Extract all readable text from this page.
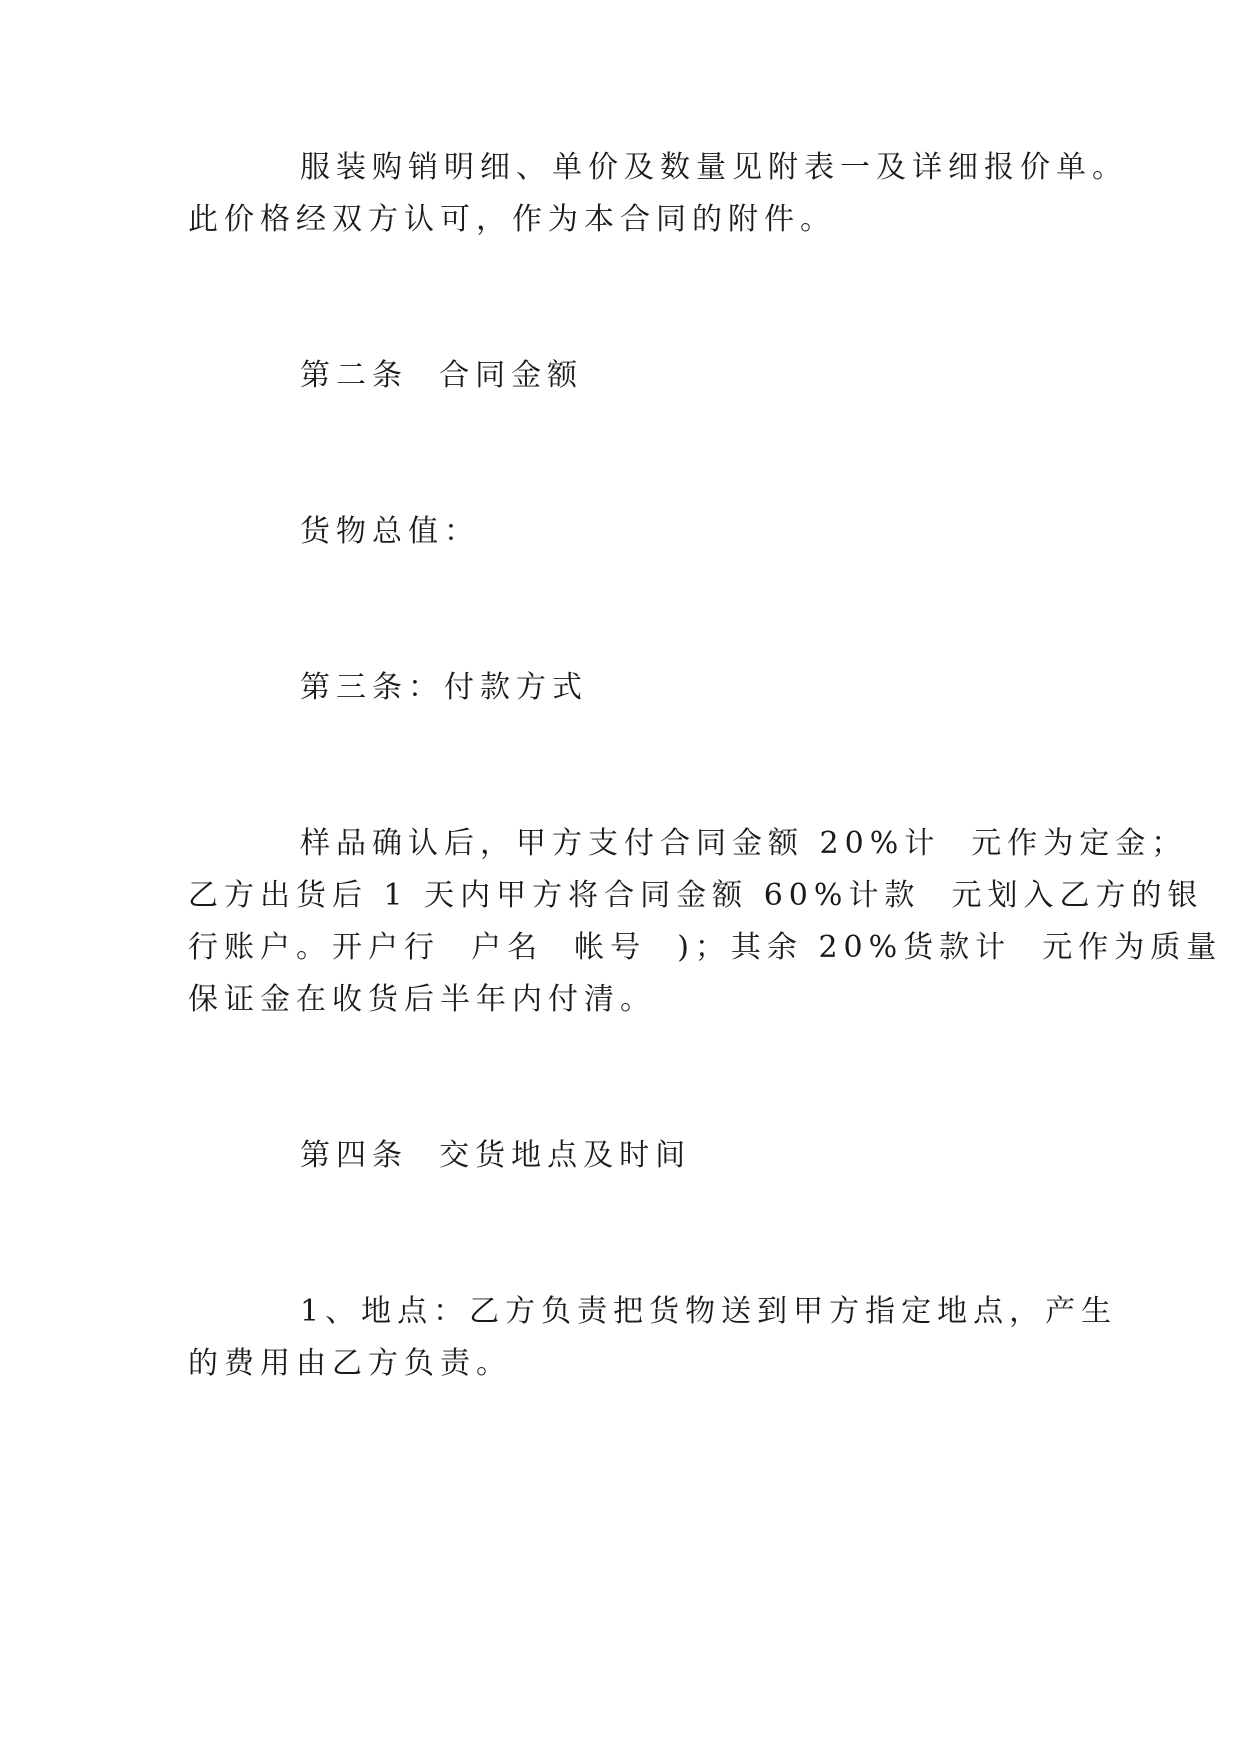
服装购销明细、单价及数量见附表一及详细报价单。
此价格经双方认可，作为本合同的附件。
第二条  合同金额
货物总值：
第三条：付款方式
样品确认后，甲方支付合同金额 20%计  元作为定金；
乙方出货后 1 天内甲方将合同金额 60%计款  元划入乙方的银
行账户。开户行  户名  帐号  )；其余 20%货款计  元作为质量
保证金在收货后半年内付清。
第四条  交货地点及时间
1、地点：乙方负责把货物送到甲方指定地点，产生
的费用由乙方负责。
